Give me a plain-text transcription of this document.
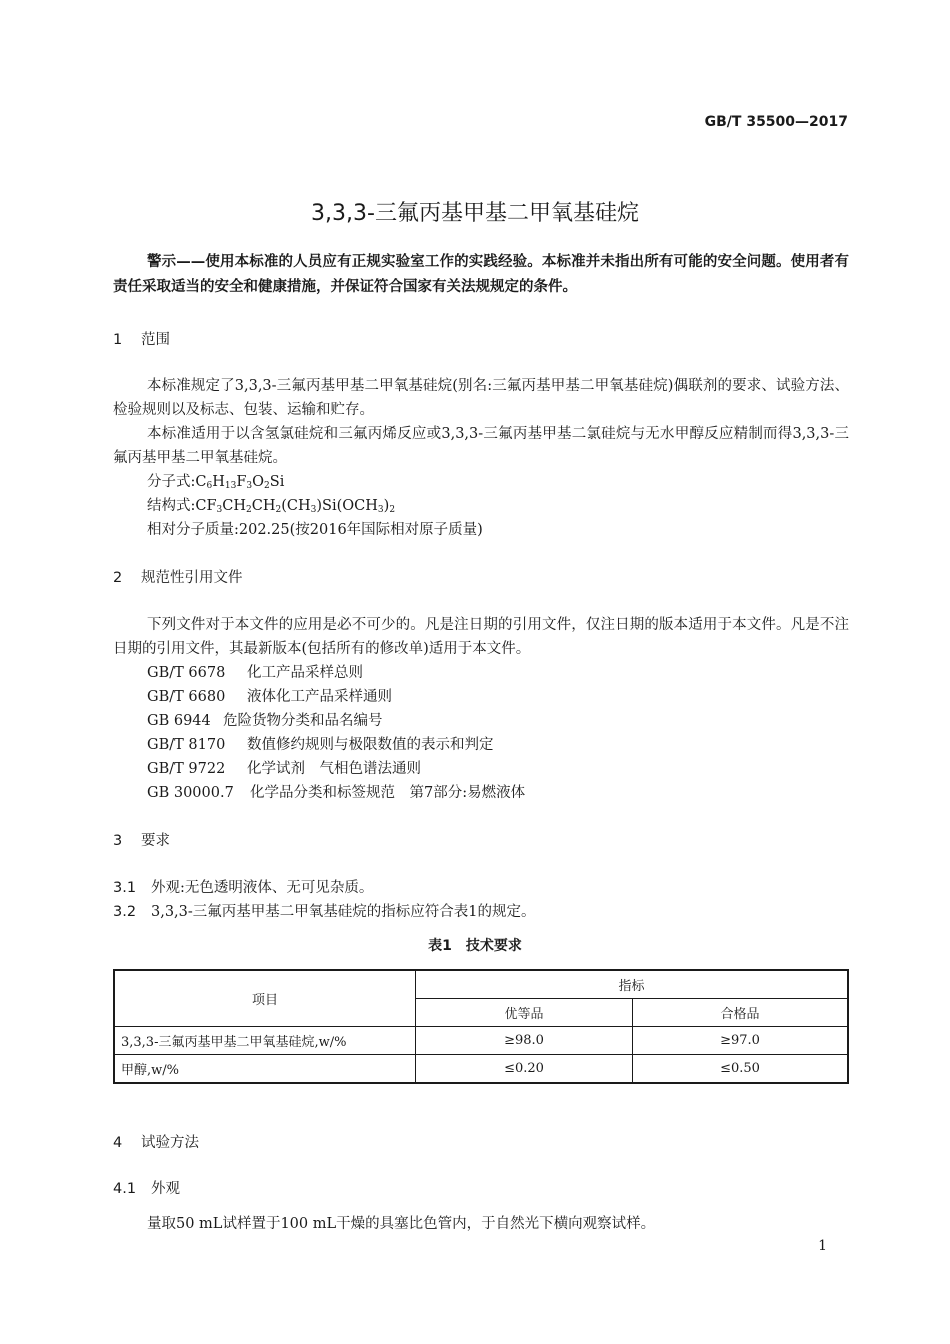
GB/T 35500—2017
3,3,3-三氟丙基甲基二甲氧基硅烷
警示——使用本标准的人员应有正规实验室工作的实践经验。本标准并未指出所有可能的安全问题。使用者有责任采取适当的安全和健康措施，并保证符合国家有关法规规定的条件。
1 范围
本标准规定了3,3,3-三氟丙基甲基二甲氧基硅烷(别名:三氟丙基甲基二甲氧基硅烷)偶联剂的要求、试验方法、检验规则以及标志、包装、运输和贮存。
本标准适用于以含氢氯硅烷和三氟丙烯反应或3,3,3-三氟丙基甲基二氯硅烷与无水甲醇反应精制而得3,3,3-三氟丙基甲基二甲氧基硅烷。
分子式$:C_6H_{13}F_3O_2Si$
结构式$:CF_3CH_2CH_2(CH_3)Si(OCH_3)_2$
相对分子质量:202.25(按2016年国际相对原子质量)
2 规范性引用文件
下列文件对于本文件的应用是必不可少的。凡是注日期的引用文件，仅注日期的版本适用于本文件。凡是不注日期的引用文件，其最新版本(包括所有的修改单)适用于本文件。
GB/T 6678 化工产品采样总则
GB/T 6680 液体化工产品采样通则
GB 6944 危险货物分类和品名编号
GB/T 8170 数值修约规则与极限数值的表示和判定
GB/T 9722 化学试剂　气相色谱法通则
GB 30000.7 化学品分类和标签规范　第7部分:易燃液体
3 要求
3.1 外观:无色透明液体、无可见杂质。
3.2 3,3,3-三氟丙基甲基二甲氧基硅烷的指标应符合表1的规定。
表1　技术要求
项目	指标	
	优等品	合格品
3,3,3-三氟丙基甲基二甲氧基硅烷,w/%	≥98.0	≥97.0
甲醇,w/%	≤0.20	≤0.50
4 试验方法
4.1 外观
量取50 mL试样置于100 mL干燥的具塞比色管内，于自然光下横向观察试样。
1
